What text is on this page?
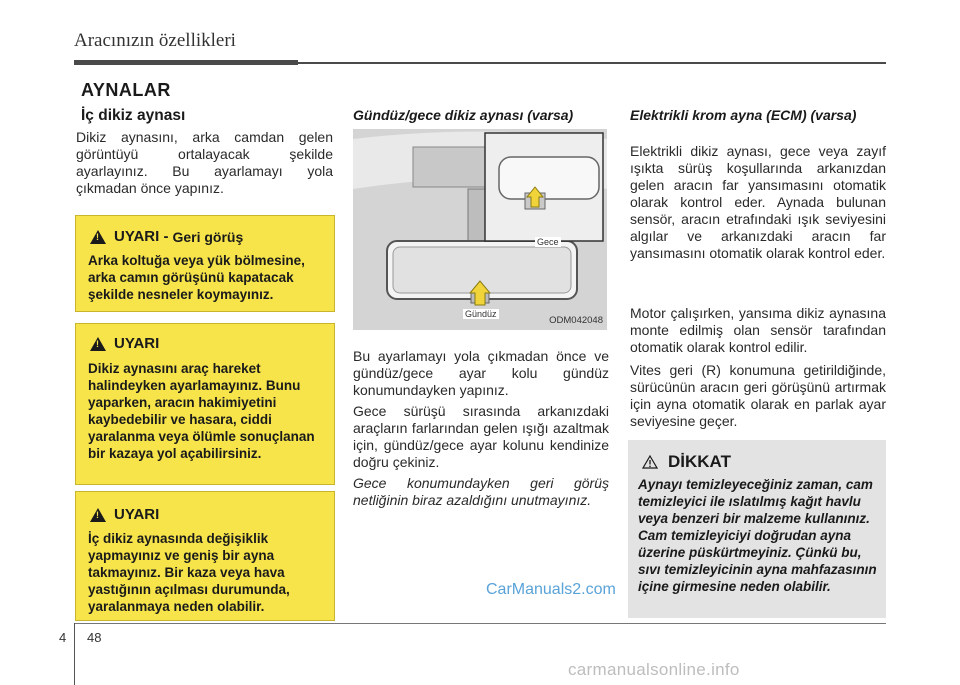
Aracınızın özellikleri
AYNALAR
İç dikiz aynası
Dikiz aynasını, arka camdan gelen görüntüyü ortalayacak şekilde ayarlayınız. Bu ayarlamayı yola çıkmadan önce yapınız.
!
UYARI - Geri görüş
Arka koltuğa veya yük bölmesine, arka camın görüşünü kapatacak şekilde nesneler koymayınız.
!
UYARI
Dikiz aynasını araç hareket halindeyken ayarlamayınız. Bunu yaparken, aracın hakimiyetini kaybedebilir ve hasara, ciddi yaralanma veya ölümle sonuçlanan bir kazaya yol açabilirsiniz.
!
UYARI
İç dikiz aynasında değişiklik yapmayınız ve geniş bir ayna takmayınız. Bir kaza veya hava yastığının açılması durumunda, yaralanmaya neden olabilir.
Gündüz/gece dikiz aynası (varsa)
Gece
Gündüz
ODM042048
Bu ayarlamayı yola çıkmadan önce ve gündüz/gece ayar kolu gündüz konumundayken yapınız.
Gece sürüşü sırasında arkanızdaki araçların farlarından gelen ışığı azaltmak için, gündüz/gece ayar kolunu kendinize doğru çekiniz.
Gece konumundayken geri görüş netliğinin biraz azaldığını unutmayınız.
Elektrikli krom ayna (ECM) (varsa)
Elektrikli dikiz aynası, gece veya zayıf ışıkta sürüş koşullarında arkanızdan gelen aracın far yansımasını otomatik olarak kontrol eder. Aynada bulunan sensör, aracın etrafındaki ışık seviyesini algılar ve arkanızdaki aracın far yansımasını otomatik olarak kontrol eder.
Motor çalışırken, yansıma dikiz aynasına monte edilmiş olan sensör tarafından otomatik olarak kontrol edilir.
Vites geri (R) konumuna getirildiğinde, sürücünün aracın geri görüşünü artırmak için ayna otomatik olarak en parlak ayar seviyesine geçer.
DİKKAT
Aynayı temizleyeceğiniz zaman, cam temizleyici ile ıslatılmış kağıt havlu veya benzeri bir malzeme kullanınız. Cam temizleyiciyi doğrudan ayna üzerine püskürtmeyiniz. Çünkü bu, sıvı temizleyicinin ayna mahfazasının içine girmesine neden olabilir.
CarManuals2.com
4 48
carmanualsonline.info
